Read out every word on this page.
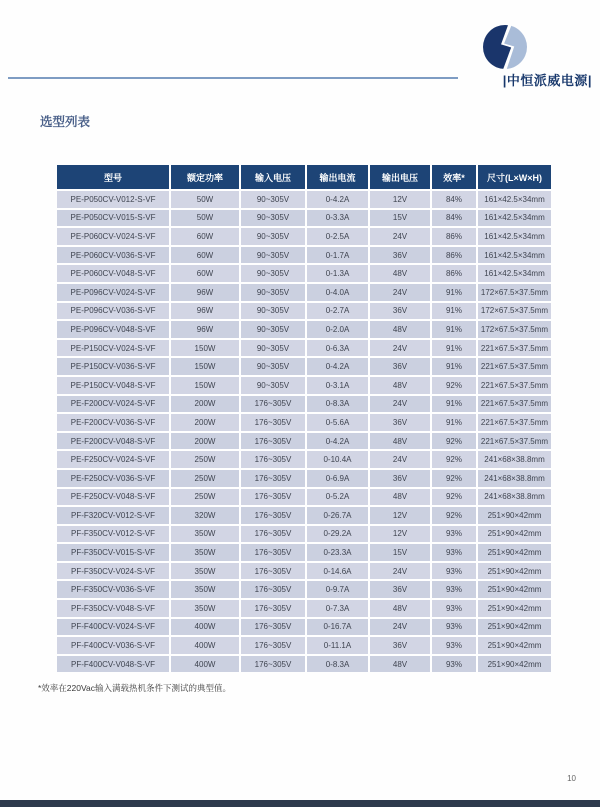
|中恒派威电源|
选型列表
型号	额定功率	输入电压	输出电流	输出电压	效率*	尺寸(L×W×H)
PE-P050CV-V012-S-VF	50W	90~305V	0-4.2A	12V	84%	161×42.5×34mm
PE-P050CV-V015-S-VF	50W	90~305V	0-3.3A	15V	84%	161×42.5×34mm
PE-P060CV-V024-S-VF	60W	90~305V	0-2.5A	24V	86%	161×42.5×34mm
PE-P060CV-V036-S-VF	60W	90~305V	0-1.7A	36V	86%	161×42.5×34mm
PE-P060CV-V048-S-VF	60W	90~305V	0-1.3A	48V	86%	161×42.5×34mm
PE-P096CV-V024-S-VF	96W	90~305V	0-4.0A	24V	91%	172×67.5×37.5mm
PE-P096CV-V036-S-VF	96W	90~305V	0-2.7A	36V	91%	172×67.5×37.5mm
PE-P096CV-V048-S-VF	96W	90~305V	0-2.0A	48V	91%	172×67.5×37.5mm
PE-P150CV-V024-S-VF	150W	90~305V	0-6.3A	24V	91%	221×67.5×37.5mm
PE-P150CV-V036-S-VF	150W	90~305V	0-4.2A	36V	91%	221×67.5×37.5mm
PE-P150CV-V048-S-VF	150W	90~305V	0-3.1A	48V	92%	221×67.5×37.5mm
PE-F200CV-V024-S-VF	200W	176~305V	0-8.3A	24V	91%	221×67.5×37.5mm
PE-F200CV-V036-S-VF	200W	176~305V	0-5.6A	36V	91%	221×67.5×37.5mm
PE-F200CV-V048-S-VF	200W	176~305V	0-4.2A	48V	92%	221×67.5×37.5mm
PE-F250CV-V024-S-VF	250W	176~305V	0-10.4A	24V	92%	241×68×38.8mm
PE-F250CV-V036-S-VF	250W	176~305V	0-6.9A	36V	92%	241×68×38.8mm
PE-F250CV-V048-S-VF	250W	176~305V	0-5.2A	48V	92%	241×68×38.8mm
PF-F320CV-V012-S-VF	320W	176~305V	0-26.7A	12V	92%	251×90×42mm
PF-F350CV-V012-S-VF	350W	176~305V	0-29.2A	12V	93%	251×90×42mm
PF-F350CV-V015-S-VF	350W	176~305V	0-23.3A	15V	93%	251×90×42mm
PF-F350CV-V024-S-VF	350W	176~305V	0-14.6A	24V	93%	251×90×42mm
PF-F350CV-V036-S-VF	350W	176~305V	0-9.7A	36V	93%	251×90×42mm
PF-F350CV-V048-S-VF	350W	176~305V	0-7.3A	48V	93%	251×90×42mm
PF-F400CV-V024-S-VF	400W	176~305V	0-16.7A	24V	93%	251×90×42mm
PF-F400CV-V036-S-VF	400W	176~305V	0-11.1A	36V	93%	251×90×42mm
PF-F400CV-V048-S-VF	400W	176~305V	0-8.3A	48V	93%	251×90×42mm
*效率在220Vac输入满载热机条件下测试的典型值。
10
